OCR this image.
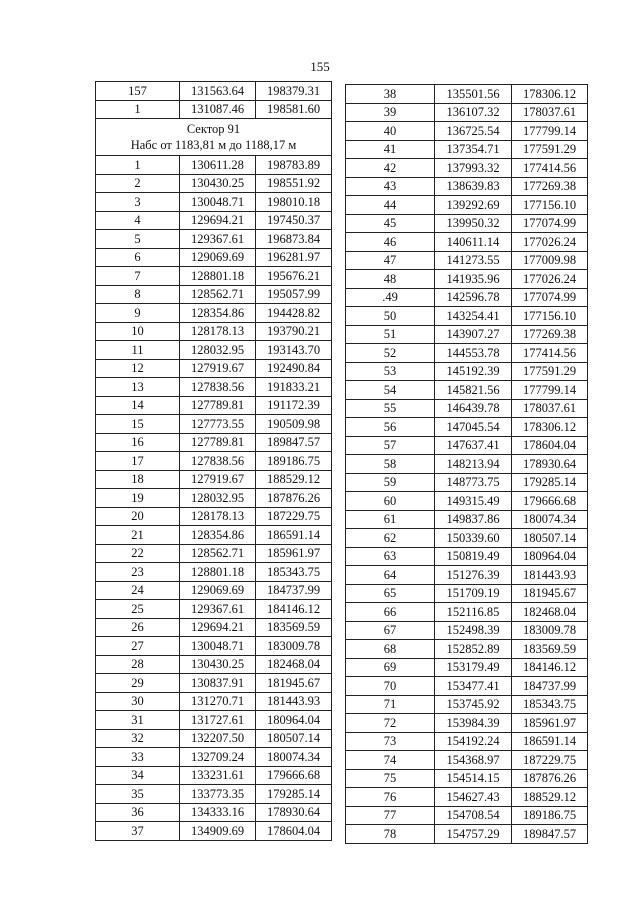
155
157	131563.64	198379.31
1	131087.46	198581.60

Сектор 91
Набс от 1183,81 м до 1188,17 м		

1	130611.28	198783.89
2	130430.25	198551.92
3	130048.71	198010.18
4	129694.21	197450.37
5	129367.61	196873.84
6	129069.69	196281.97
7	128801.18	195676.21
8	128562.71	195057.99
9	128354.86	194428.82
10	128178.13	193790.21
11	128032.95	193143.70
12	127919.67	192490.84
13	127838.56	191833.21
14	127789.81	191172.39
15	127773.55	190509.98
16	127789.81	189847.57
17	127838.56	189186.75
18	127919.67	188529.12
19	128032.95	187876.26
20	128178.13	187229.75
21	128354.86	186591.14
22	128562.71	185961.97
23	128801.18	185343.75
24	129069.69	184737.99
25	129367.61	184146.12
26	129694.21	183569.59
27	130048.71	183009.78
28	130430.25	182468.04
29	130837.91	181945.67
30	131270.71	181443.93
31	131727.61	180964.04
32	132207.50	180507.14
33	132709.24	180074.34
34	133231.61	179666.68
35	133773.35	179285.14
36	134333.16	178930.64
37	134909.69	178604.04
38	135501.56	178306.12
39	136107.32	178037.61
40	136725.54	177799.14
41	137354.71	177591.29
42	137993.32	177414.56
43	138639.83	177269.38
44	139292.69	177156.10
45	139950.32	177074.99
46	140611.14	177026.24
47	141273.55	177009.98
48	141935.96	177026.24
.49	142596.78	177074.99
50	143254.41	177156.10
51	143907.27	177269.38
52	144553.78	177414.56
53	145192.39	177591.29
54	145821.56	177799.14
55	146439.78	178037.61
56	147045.54	178306.12
57	147637.41	178604.04
58	148213.94	178930.64
59	148773.75	179285.14
60	149315.49	179666.68
61	149837.86	180074.34
62	150339.60	180507.14
63	150819.49	180964.04
64	151276.39	181443.93
65	151709.19	181945.67
66	152116.85	182468.04
67	152498.39	183009.78
68	152852.89	183569.59
69	153179.49	184146.12
70	153477.41	184737.99
71	153745.92	185343.75
72	153984.39	185961.97
73	154192.24	186591.14
74	154368.97	187229.75
75	154514.15	187876.26
76	154627.43	188529.12
77	154708.54	189186.75
78	154757.29	189847.57
